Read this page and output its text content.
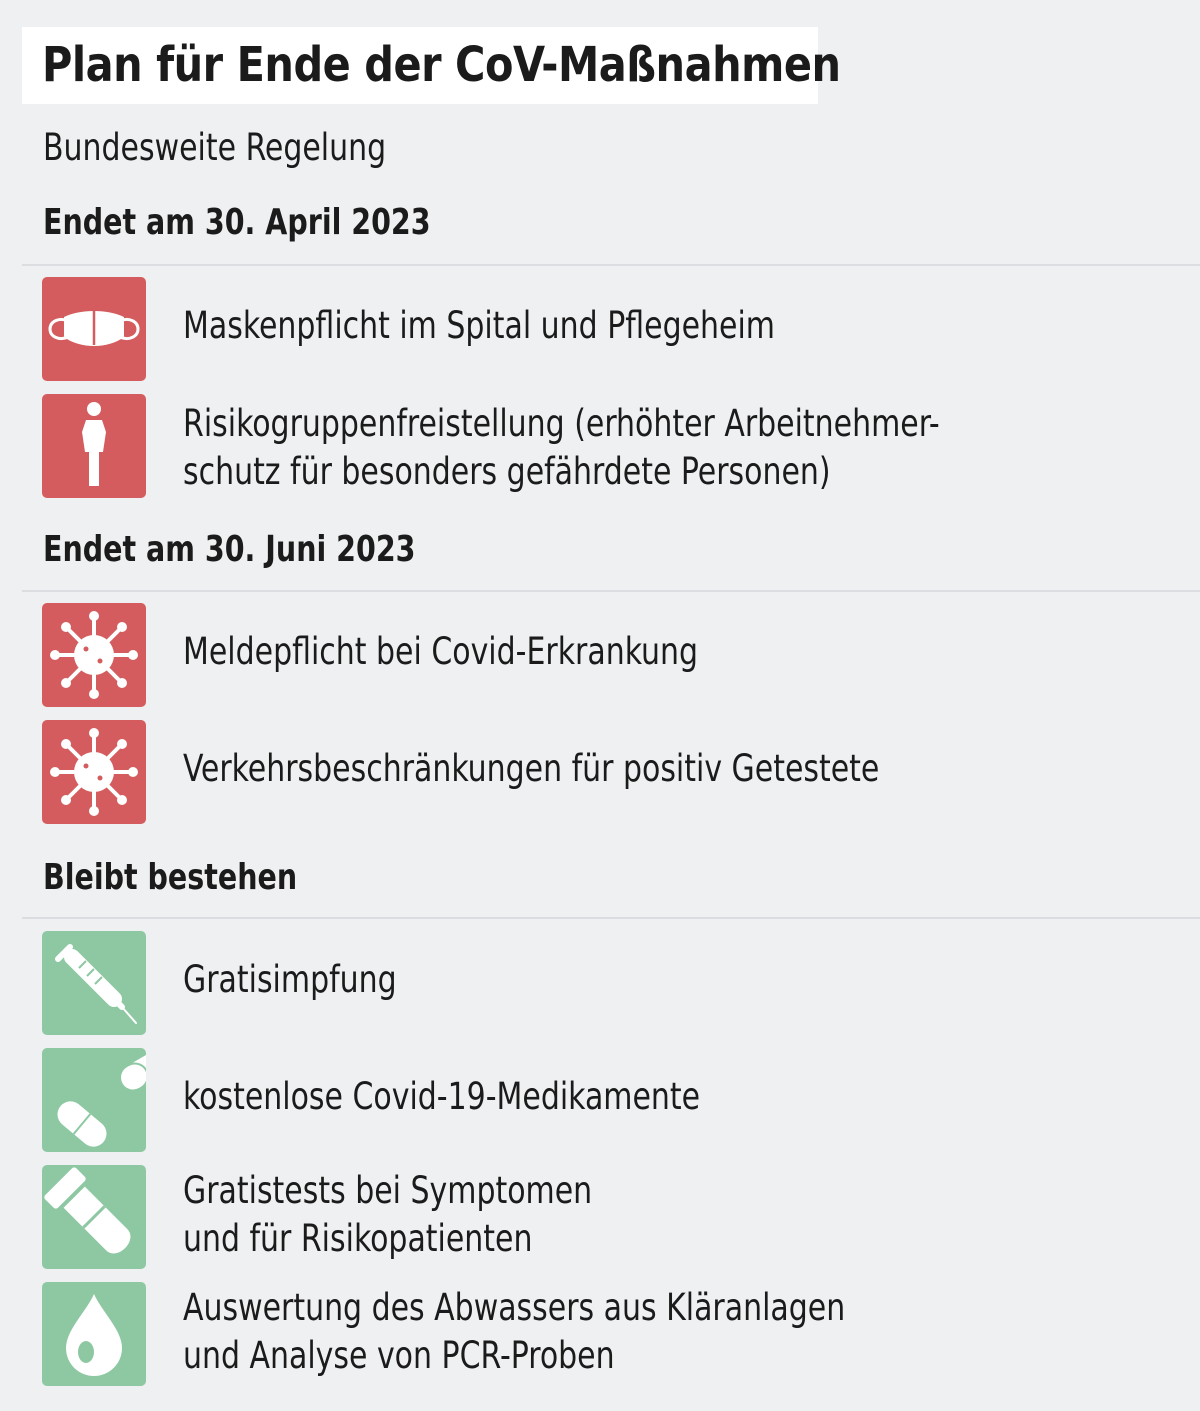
Plan für Ende der CoV-Maßnahmen
Bundesweite Regelung
Endet am 30. April 2023
Maskenpflicht im Spital und Pflegeheim
Risikogruppenfreistellung (erhöhter Arbeitnehmer-
schutz für besonders gefährdete Personen)
Endet am 30. Juni 2023
Meldepflicht bei Covid-Erkrankung
Verkehrsbeschränkungen für positiv Getestete
Bleibt bestehen
Gratisimpfung
kostenlose Covid-19-Medikamente
Gratistests bei Symptomen
und für Risikopatienten
Auswertung des Abwassers aus Kläranlagen
und Analyse von PCR-Proben
